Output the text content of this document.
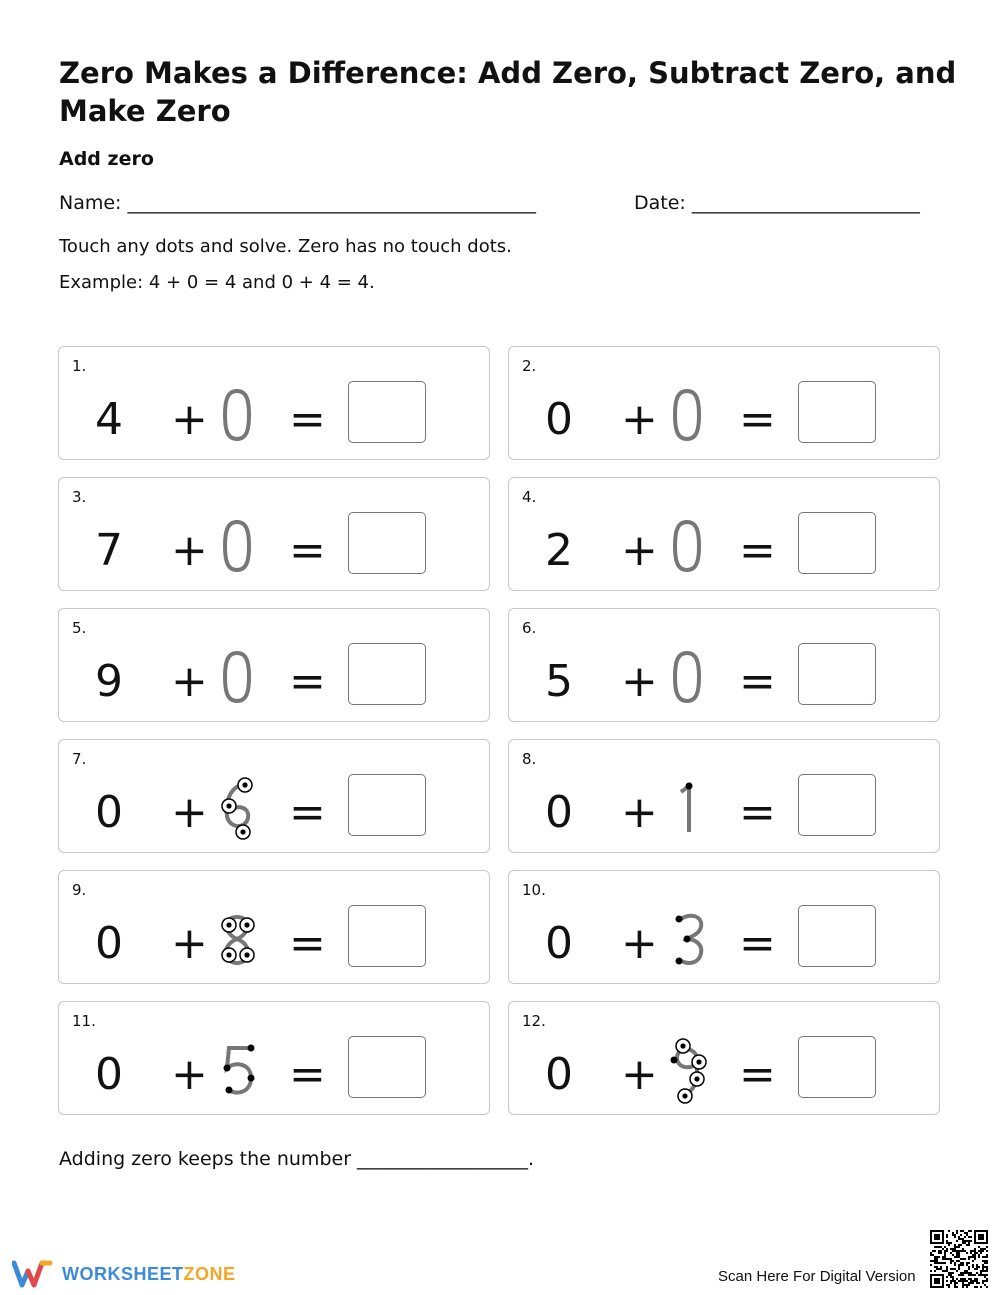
Zero Makes a Difference: Add Zero, Subtract Zero, and Make Zero
Add zero
Name: ___________________________________________	Date: ________________________

Touch any dots and solve. Zero has no touch dots.

Example: 4 + 0 = 4 and 0 + 4 = 4.

1.
4 + =
2.
0 + =
3.
7 + =
4.
2 + =
5.
9 + =
6.
5 + =
7.
0 + =
8.
0 + =
9.
0 + =
10.
0 + =
11.
0 + =
12.
0 + =
Adding zero keeps the number __________________.
WORKSHEETZONE	Scan Here For Digital Version
